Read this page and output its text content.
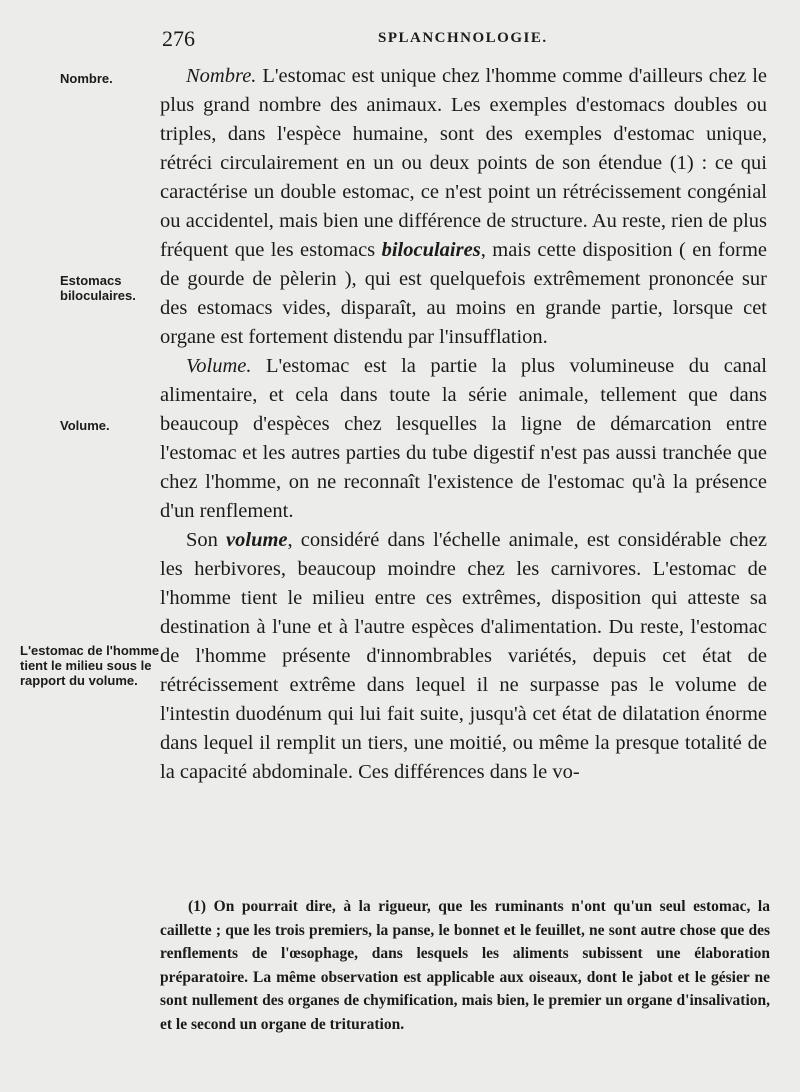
276	SPLANCHNOLOGIE.
Nombre.
Estomacs biloculaires.
Volume.
L'estomac de l'homme tient le milieu sous le rapport du volume.

Nombre. L'estomac est unique chez l'homme comme d'ailleurs chez le plus grand nombre des animaux. Les exemples d'estomacs doubles ou triples, dans l'espèce humaine, sont des exemples d'estomac unique, rétréci circulairement en un ou deux points de son étendue (1) : ce qui caractérise un double estomac, ce n'est point un rétrécissement congénial ou accidentel, mais bien une différence de structure. Au reste, rien de plus fréquent que les estomacs biloculaires, mais cette disposition ( en forme de gourde de pèlerin ), qui est quelquefois extrêmement prononcée sur des estomacs vides, disparaît, au moins en grande partie, lorsque cet organe est fortement distendu par l'insufflation.

Volume. L'estomac est la partie la plus volumineuse du canal alimentaire, et cela dans toute la série animale, tellement que dans beaucoup d'espèces chez lesquelles la ligne de démarcation entre l'estomac et les autres parties du tube digestif n'est pas aussi tranchée que chez l'homme, on ne reconnaît l'existence de l'estomac qu'à la présence d'un renflement.

Son volume, considéré dans l'échelle animale, est considérable chez les herbivores, beaucoup moindre chez les carnivores. L'estomac de l'homme tient le milieu entre ces extrêmes, disposition qui atteste sa destination à l'une et à l'autre espèces d'alimentation. Du reste, l'estomac de l'homme présente d'innombrables variétés, depuis cet état de rétrécissement extrême dans lequel il ne surpasse pas le volume de l'intestin duodénum qui lui fait suite, jusqu'à cet état de dilatation énorme dans lequel il remplit un tiers, une moitié, ou même la presque totalité de la capacité abdominale. Ces différences dans le vo-

(1) On pourrait dire, à la rigueur, que les ruminants n'ont qu'un seul estomac, la caillette ; que les trois premiers, la panse, le bonnet et le feuillet, ne sont autre chose que des renflements de l'œsophage, dans lesquels les aliments subissent une élaboration préparatoire. La même observation est applicable aux oiseaux, dont le jabot et le gésier ne sont nullement des organes de chymification, mais bien, le premier un organe d'insalivation, et le second un organe de trituration.
